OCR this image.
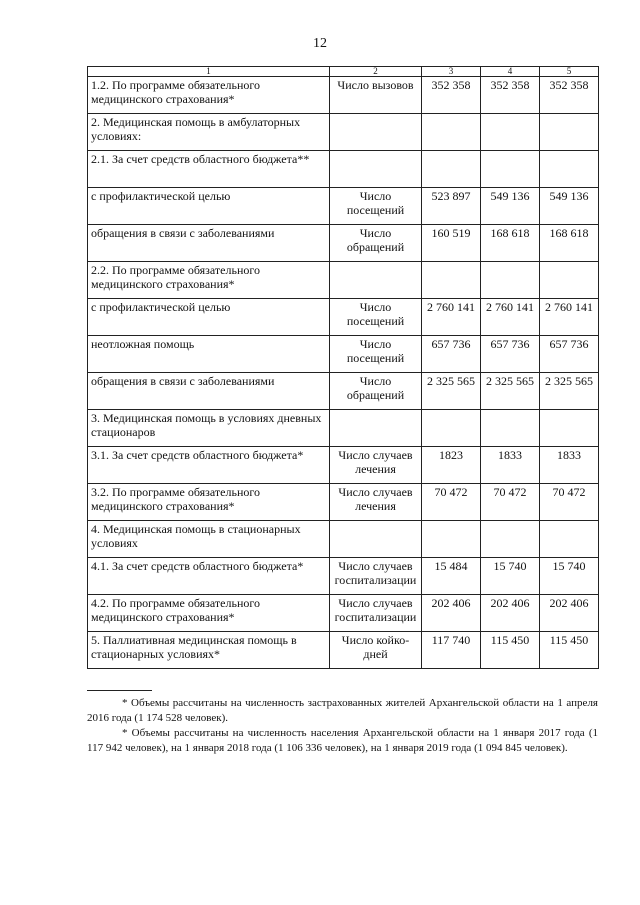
12
1	2	3	4	5
1.2. По программе обязательного медицинского страхования*	Число вызовов	352 358	352 358	352 358
2. Медицинская помощь в амбулаторных условиях:				
2.1. За счет средств областного бюджета**				
с профилактической целью	Число посещений	523 897	549 136	549 136
обращения в связи с заболеваниями	Число обращений	160 519	168 618	168 618
2.2. По программе обязательного медицинского страхования*				
с профилактической целью	Число посещений	2 760 141	2 760 141	2 760 141
неотложная помощь	Число посещений	657 736	657 736	657 736
обращения в связи с заболеваниями	Число обращений	2 325 565	2 325 565	2 325 565
3. Медицинская помощь в условиях дневных стационаров				
3.1. За счет средств областного бюджета*	Число случаев лечения	1823	1833	1833
3.2. По программе обязательного медицинского страхования*	Число случаев лечения	70 472	70 472	70 472
4. Медицинская помощь в стационарных условиях				
4.1. За счет средств областного бюджета*	Число случаев госпитализации	15 484	15 740	15 740
4.2. По программе обязательного медицинского страхования*	Число случаев госпитализации	202 406	202 406	202 406
5. Паллиативная медицинская помощь в стационарных условиях*	Число койко-дней	117 740	115 450	115 450

* Объемы рассчитаны на численность застрахованных жителей Архангельской области на 1 апреля 2016 года (1 174 528 человек).

* Объемы рассчитаны на численность населения Архангельской области на 1 января 2017 года (1 117 942 человек), на 1 января 2018 года (1 106 336 человек), на 1 января 2019 года (1 094 845 человек).
